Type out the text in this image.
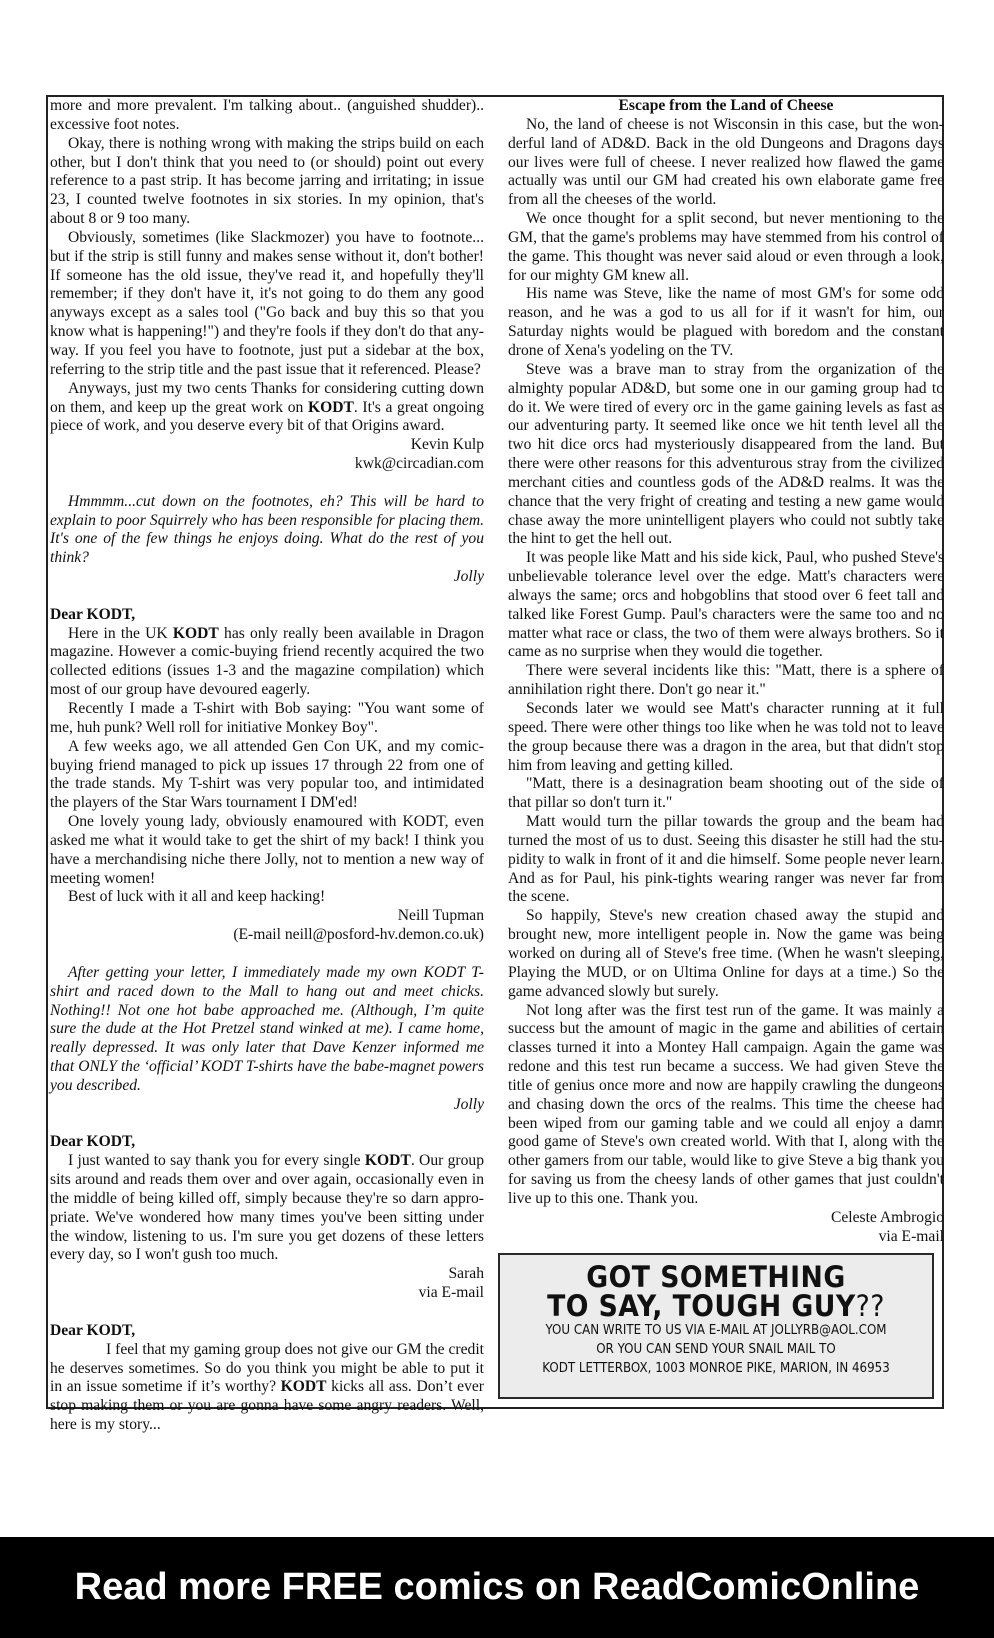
more and more prevalent. I'm talking about.. (anguished shudder).. excessive foot notes.

Okay, there is nothing wrong with making the strips build on each other, but I don't think that you need to (or should) point out every reference to a past strip. It has become jarring and irritating; in issue 23, I counted twelve footnotes in six stories. In my opinion, that's about 8 or 9 too many.

Obviously, sometimes (like Slackmozer) you have to footnote... but if the strip is still funny and makes sense without it, don't bother! If someone has the old issue, they've read it, and hopefully they'll remember; if they don't have it, it's not going to do them any good anyways except as a sales tool ("Go back and buy this so that you know what is happening!") and they're fools if they don't do that anyway. If you feel you have to footnote, just put a sidebar at the box, referring to the strip title and the past issue that it referenced. Please?

Anyways, just my two cents Thanks for considering cutting down on them, and keep up the great work on KODT. It's a great ongoing piece of work, and you deserve every bit of that Origins award.

Kevin Kulp
kwk@circadian.com

Hmmmm...cut down on the footnotes, eh? This will be hard to explain to poor Squirrely who has been responsible for placing them. It's one of the few things he enjoys doing. What do the rest of you think?

Jolly

Dear KODT,

Here in the UK KODT has only really been available in Dragon magazine. However a comic-buying friend recently acquired the two collected editions (issues 1-3 and the magazine compilation) which most of our group have devoured eagerly.

Recently I made a T-shirt with Bob saying: "You want some of me, huh punk? Well roll for initiative Monkey Boy".

A few weeks ago, we all attended Gen Con UK, and my comic-buying friend managed to pick up issues 17 through 22 from one of the trade stands. My T-shirt was very popular too, and intimidated the players of the Star Wars tournament I DM'ed!

One lovely young lady, obviously enamoured with KODT, even asked me what it would take to get the shirt of my back! I think you have a merchandising niche there Jolly, not to mention a new way of meeting women!

Best of luck with it all and keep hacking!

Neill Tupman
(E-mail neill@posford-hv.demon.co.uk)

After getting your letter, I immediately made my own KODT T-shirt and raced down to the Mall to hang out and meet chicks. Nothing!! Not one hot babe approached me. (Although, I’m quite sure the dude at the Hot Pretzel stand winked at me). I came home, really depressed. It was only later that Dave Kenzer informed me that ONLY the ‘official’ KODT T-shirts have the babe-magnet powers you described.

Jolly

Dear KODT,

I just wanted to say thank you for every single KODT. Our group sits around and reads them over and over again, occasionally even in the middle of being killed off, simply because they're so darn appropriate. We've wondered how many times you've been sitting under the window, listening to us. I'm sure you get dozens of these letters every day, so I won't gush too much.

Sarah
via E-mail

Dear KODT,

I feel that my gaming group does not give our GM the credit he deserves sometimes. So do you think you might be able to put it in an issue sometime if it’s worthy? KODT kicks all ass. Don’t ever stop making them or you are gonna have some angry readers. Well, here is my story...

Escape from the Land of Cheese

No, the land of cheese is not Wisconsin in this case, but the wonderful land of AD&D. Back in the old Dungeons and Dragons days our lives were full of cheese. I never realized how flawed the game actually was until our GM had created his own elaborate game free from all the cheeses of the world.

We once thought for a split second, but never mentioning to the GM, that the game's problems may have stemmed from his control of the game. This thought was never said aloud or even through a look, for our mighty GM knew all.

His name was Steve, like the name of most GM's for some odd reason, and he was a god to us all for if it wasn't for him, our Saturday nights would be plagued with boredom and the constant drone of Xena's yodeling on the TV.

Steve was a brave man to stray from the organization of the almighty popular AD&D, but some one in our gaming group had to do it. We were tired of every orc in the game gaining levels as fast as our adventuring party. It seemed like once we hit tenth level all the two hit dice orcs had mysteriously disappeared from the land. But there were other reasons for this adventurous stray from the civilized merchant cities and countless gods of the AD&D realms. It was the chance that the very fright of creating and testing a new game would chase away the more unintelligent players who could not subtly take the hint to get the hell out.

It was people like Matt and his side kick, Paul, who pushed Steve's unbelievable tolerance level over the edge. Matt's characters were always the same; orcs and hobgoblins that stood over 6 feet tall and talked like Forest Gump. Paul's characters were the same too and no matter what race or class, the two of them were always brothers. So it came as no surprise when they would die together.

There were several incidents like this: "Matt, there is a sphere of annihilation right there. Don't go near it."

Seconds later we would see Matt's character running at it full speed. There were other things too like when he was told not to leave the group because there was a dragon in the area, but that didn't stop him from leaving and getting killed.

"Matt, there is a desinagration beam shooting out of the side of that pillar so don't turn it."

Matt would turn the pillar towards the group and the beam had turned the most of us to dust. Seeing this disaster he still had the stupidity to walk in front of it and die himself. Some people never learn. And as for Paul, his pink-tights wearing ranger was never far from the scene.

So happily, Steve's new creation chased away the stupid and brought new, more intelligent people in. Now the game was being worked on during all of Steve's free time. (When he wasn't sleeping, Playing the MUD, or on Ultima Online for days at a time.) So the game advanced slowly but surely.

Not long after was the first test run of the game. It was mainly a success but the amount of magic in the game and abilities of certain classes turned it into a Montey Hall campaign. Again the game was redone and this test run became a success. We had given Steve the title of genius once more and now are happily crawling the dungeons and chasing down the orcs of the realms. This time the cheese had been wiped from our gaming table and we could all enjoy a damn good game of Steve's own created world. With that I, along with the other gamers from our table, would like to give Steve a big thank you for saving us from the cheesy lands of other games that just couldn't live up to this one. Thank you.

Celeste Ambrogio
via E-mail
GOT SOMETHING
TO SAY, TOUGH GUY??
YOU CAN WRITE TO US VIA E-MAIL AT JOLLYRB@AOL.COM
OR YOU CAN SEND YOUR SNAIL MAIL TO
KODT LETTERBOX, 1003 MONROE PIKE, MARION, IN 46953
Read more FREE comics on ReadComicOnline
